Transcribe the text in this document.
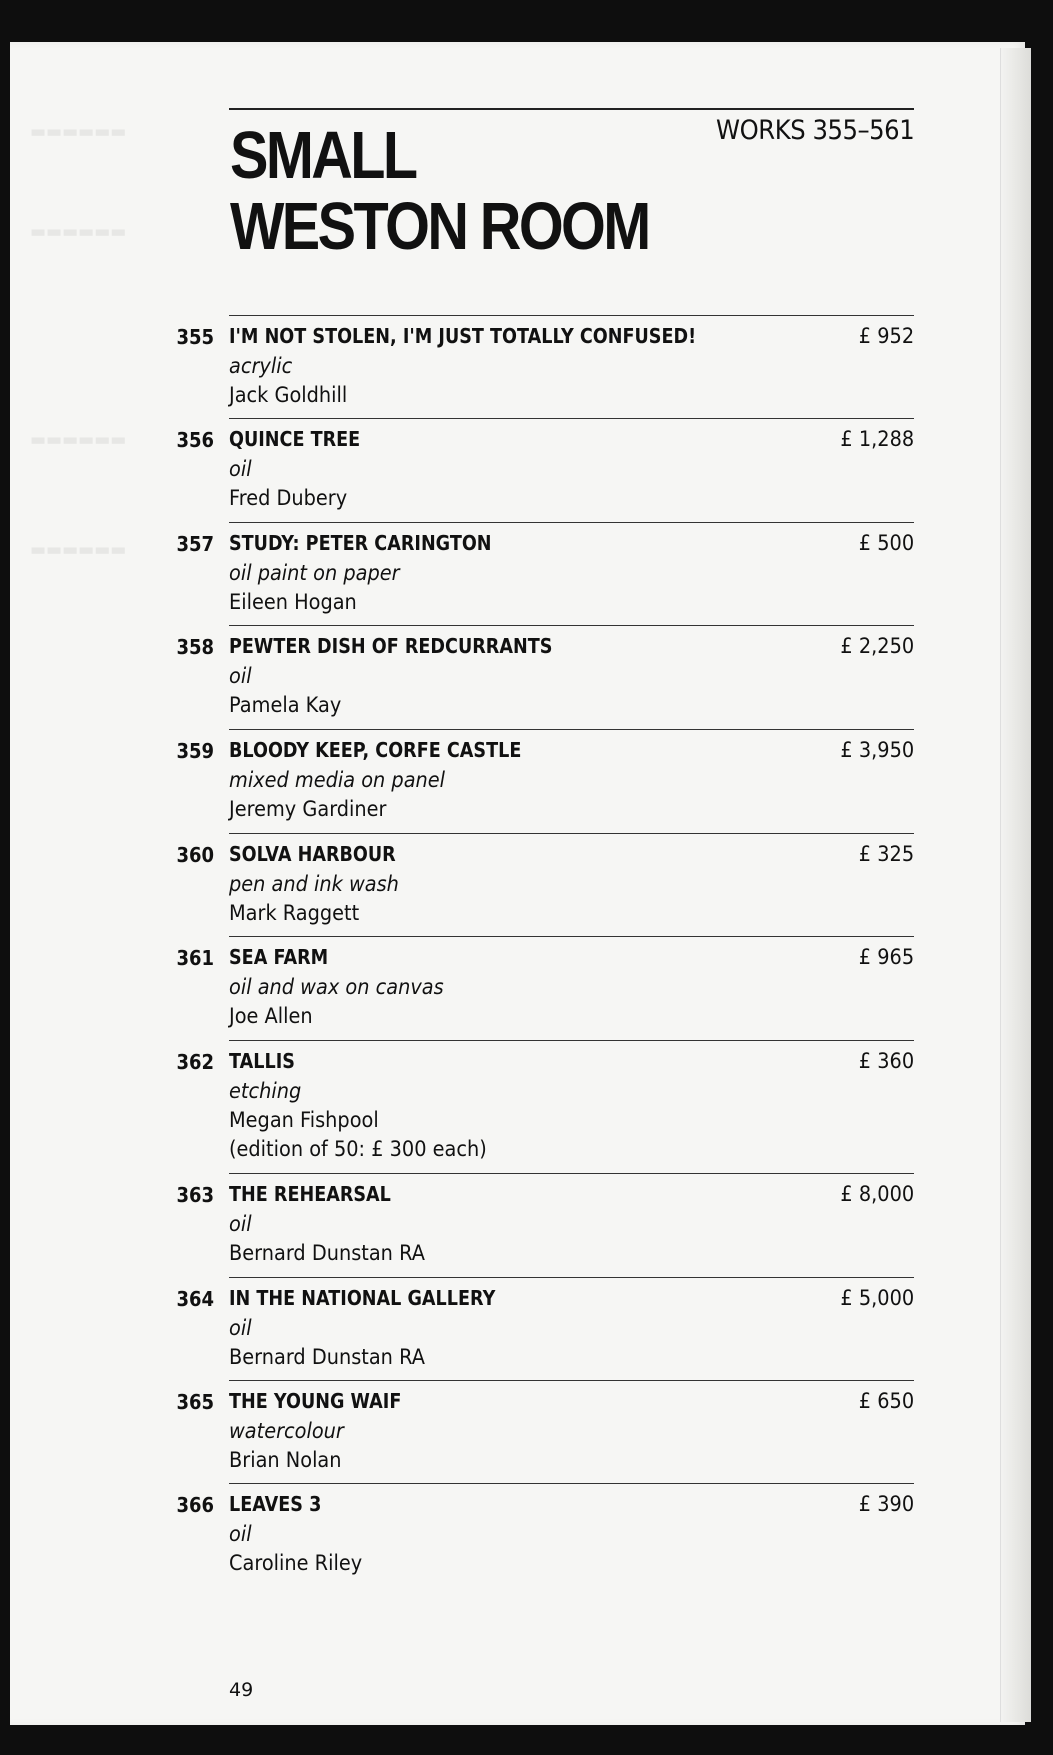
▬▬▬▬▬▬
▬▬▬▬▬▬
▬▬▬▬▬▬
▬▬▬▬▬▬
SMALL WESTON ROOM
WORKS 355–561
355 I'M NOT STOLEN, I'M JUST TOTALLY CONFUSED!	£ 952
acrylic
Jack Goldhill
356 QUINCE TREE	£ 1,288
oil
Fred Dubery
357 STUDY: PETER CARINGTON	£ 500
oil paint on paper
Eileen Hogan
358 PEWTER DISH OF REDCURRANTS	£ 2,250
oil
Pamela Kay
359 BLOODY KEEP, CORFE CASTLE	£ 3,950
mixed media on panel
Jeremy Gardiner
360 SOLVA HARBOUR	£ 325
pen and ink wash
Mark Raggett
361 SEA FARM	£ 965
oil and wax on canvas
Joe Allen
362 TALLIS	£ 360
etching
Megan Fishpool
(edition of 50: £ 300 each)
363 THE REHEARSAL	£ 8,000
oil
Bernard Dunstan RA
364 IN THE NATIONAL GALLERY	£ 5,000
oil
Bernard Dunstan RA
365 THE YOUNG WAIF	£ 650
watercolour
Brian Nolan
366 LEAVES 3	£ 390
oil
Caroline Riley
49
